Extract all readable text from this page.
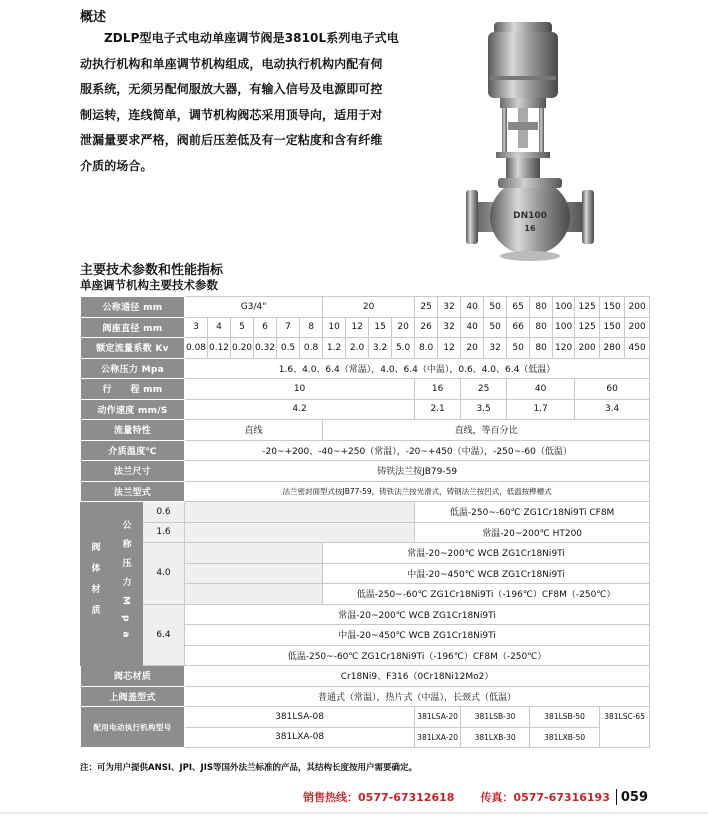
概述
ZDLP型电子式电动单座调节阀是3810L系列电子式电
动执行机构和单座调节机构组成，电动执行机构内配有伺
服系统，无须另配伺服放大器，有输入信号及电源即可控
制运转，连线简单，调节机构阀芯采用顶导向，适用于对
泄漏量要求严格，阀前后压差低及有一定粘度和含有纤维
介质的场合。
DN100
16
主要技术参数和性能指标
单座调节机构主要技术参数
公称通径 mm			G3/4"						20				25	32	40	50	65	80	100	125	150	200
阀座直径 mm			3	4	5	6	7	8	10	12	15	20	26	32	40	50	66	80	100	125	150	200
额定流量系数 Kv			0.08	0.12	0.20	0.32	0.5	0.8	1.2	2.0	3.2	5.0	8.0	12	20	32	50	80	120	200	280	450
公称压力 Mpa			1.6、4.0、6.4（常温），4.0、6.4（中温），0.6、4.0、6.4（低温）																			
行　　程 mm			10										16		25		40			60		
动作速度 mm/S			4.2										2.1		3.5		1.7			3.4		
流量特性			直线						直线，等百分比													
介质温度℃			-20~+200、-40~+250（常温），-20~+450（中温），-250~-60（低温）																			
法兰尺寸			铸铁法兰按JB79-59																			
法兰型式			法兰密封面型式按JB77-59，铸铁法兰按光滑式，铸钢法兰按凹式，低温按榫槽式																			

阀体材质	公称压力Mpa	0.6											低温-250~-60℃ ZG1Cr18Ni9Ti CF8M									
		1.6											常温-20~200℃ HT200									
		4.0							常温-20~200℃ WCB ZG1Cr18Ni9Ti													
									中温-20~450℃ WCB ZG1Cr18Ni9Ti													
									低温-250~-60℃ ZG1Cr18Ni9Ti（-196℃）CF8M（-250℃）													
		6.4	常温-20~200℃ WCB ZG1Cr18Ni9Ti																			
			中温-20~450℃ WCB ZG1Cr18Ni9Ti																			
			低温-250~-60℃ ZG1Cr18Ni9Ti（-196℃）CF8M（-250℃）																			
阀芯材质			Cr18Ni9、F316（0Cr18Ni12Mo2）																			
上阀盖型式			普通式（常温），热片式（中温），长颈式（低温）																			
配用电动执行机构型号			381LSA-08										381LSA-20		381LSB-30			381LSB-50			381LSC-65	
			381LXA-08										381LXA-20		381LXB-30			381LXB-50				
注：可为用户提供ANSI、JPI、JIS等国外法兰标准的产品，其结构长度按用户需要确定。
销售热线：0577-67312618 传真：0577-67316193 059
